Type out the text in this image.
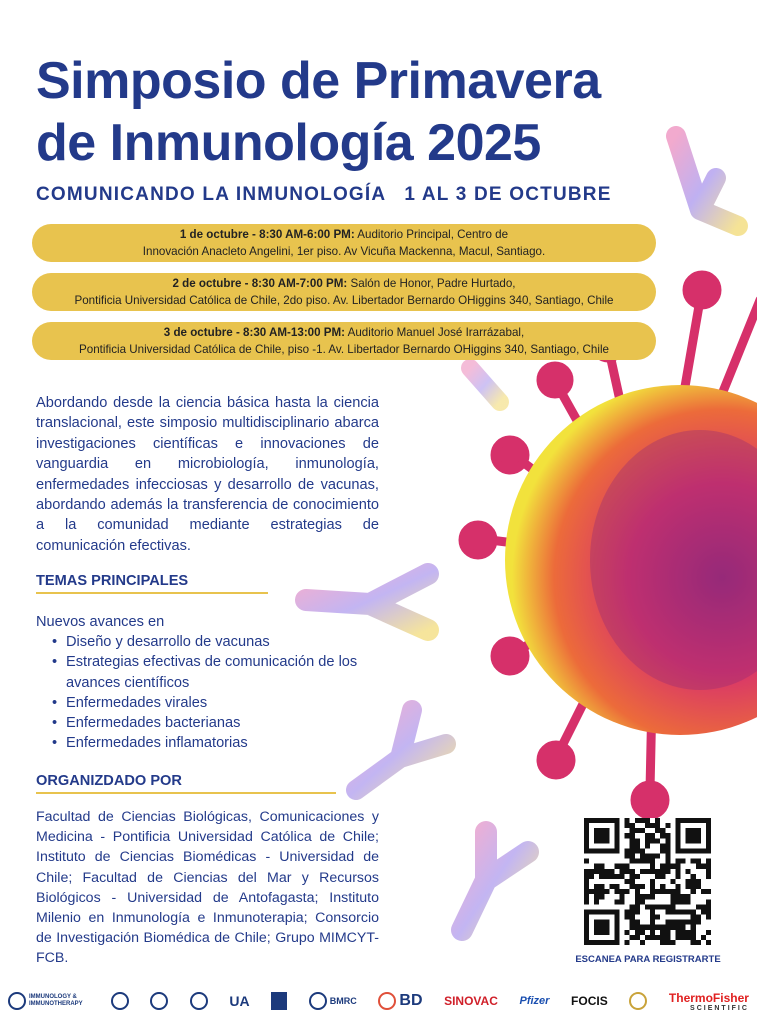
Simposio de Primavera
de Inmunología 2025
COMUNICANDO LA INMUNOLOGÍA 1 AL 3 DE OCTUBRE
1 de octubre - 8:30 AM-6:00 PM: Auditorio Principal, Centro de
Innovación Anacleto Angelini, 1er piso. Av Vicuña Mackenna, Macul, Santiago.
2 de octubre - 8:30 AM-7:00 PM: Salón de Honor, Padre Hurtado,
Pontificia Universidad Católica de Chile, 2do piso. Av. Libertador Bernardo OHiggins 340, Santiago, Chile
3 de octubre - 8:30 AM-13:00 PM: Auditorio Manuel José Irarrázabal,
Pontificia Universidad Católica de Chile, piso -1. Av. Libertador Bernardo OHiggins 340, Santiago, Chile
Abordando desde la ciencia básica hasta la ciencia translacional, este simposio multidisciplinario abarca investigaciones científicas e innovaciones de vanguardia en microbiología, inmunología, enfermedades infecciosas y desarrollo de vacunas, abordando además la transferencia de conocimiento a la comunidad mediante estrategias de comunicación efectivas.
TEMAS PRINCIPALES
Nuevos avances en
• Diseño y desarrollo de vacunas
• Estrategias efectivas de comunicación de los avances científicos
• Enfermedades virales
• Enfermedades bacterianas
• Enfermedades inflamatorias
ORGANIZDADO POR
Facultad de Ciencias Biológicas, Comunicaciones y Medicina - Pontificia Universidad Católica de Chile; Instituto de Ciencias Biomédicas - Universidad de Chile; Facultad de Ciencias del Mar y Recursos Biológicos - Universidad de Antofagasta; Instituto Milenio en Inmunología e Inmunoterapia; Consorcio de Investigación Biomédica de Chile; Grupo MIMCYT-FCB.	ESCANEA PARA REGISTRARTE
IMMUNOLOGY & IMMUNOTHERAPY	UA	BMRC	BD SINOVAC Pfizer FOCIS	ThermoFisher
SCIENTIFIC
